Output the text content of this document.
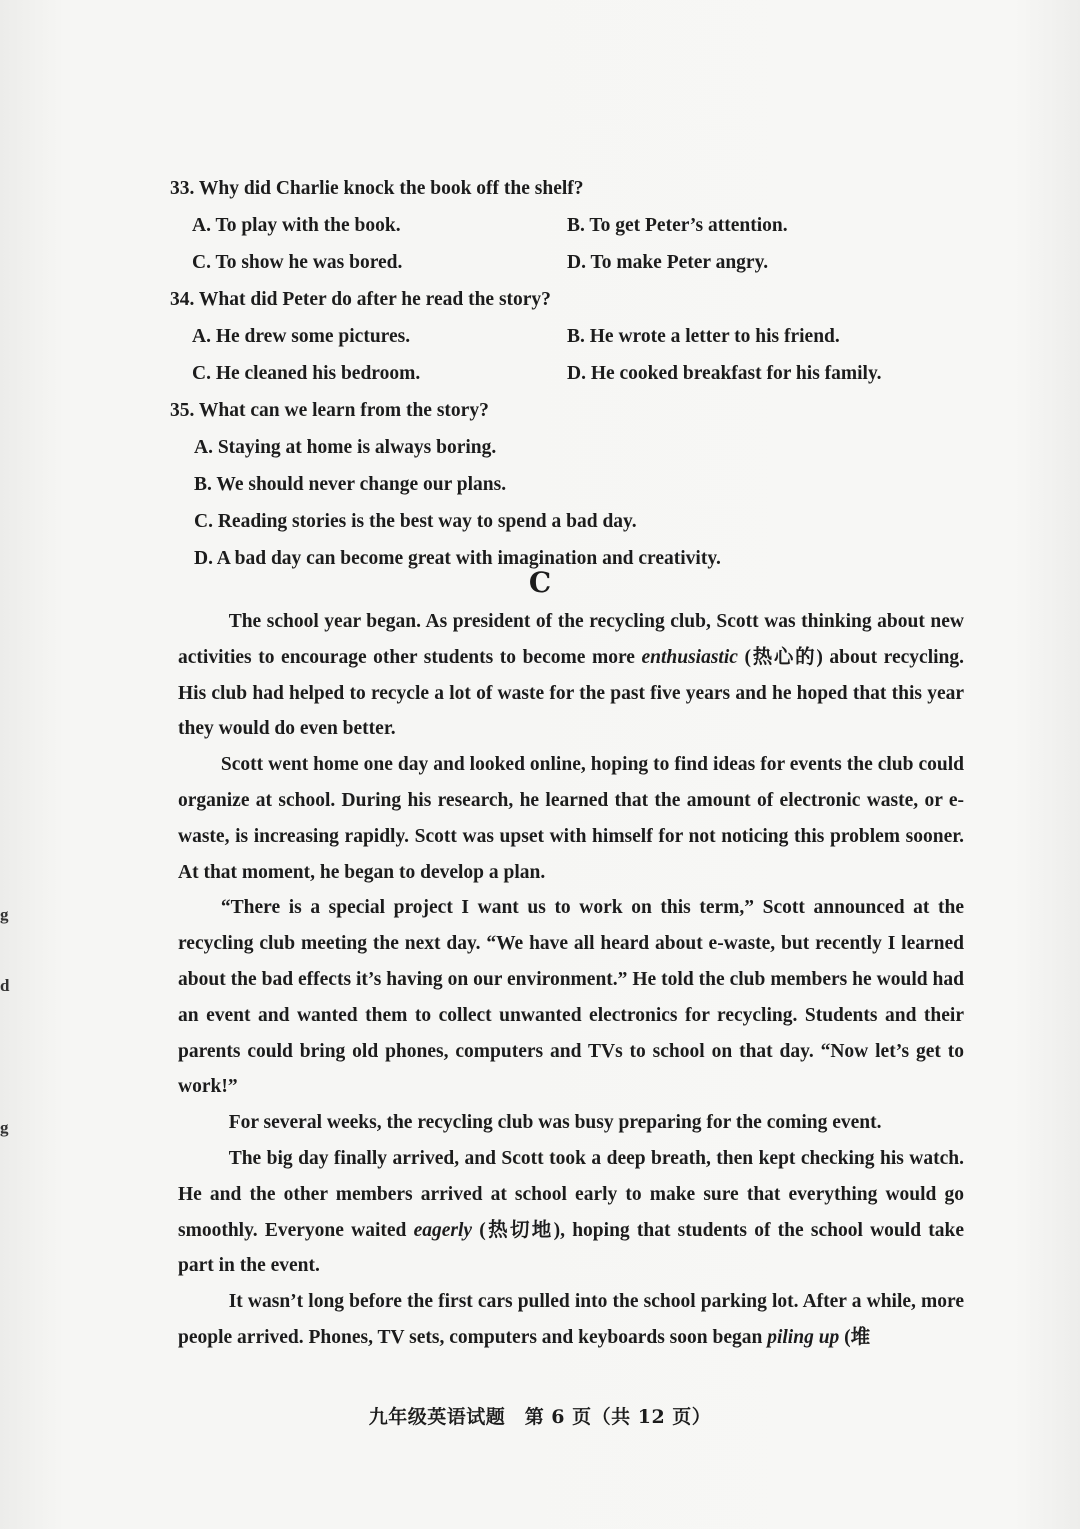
g
d
g

33. Why did Charlie knock the book off the shelf?

A. To play with the book.	B. To get Peter’s attention.
C. To show he was bored.	D. To make Peter angry.

34. What did Peter do after he read the story?

A. He drew some pictures.	B. He wrote a letter to his friend.
C. He cleaned his bedroom.	D. He cooked breakfast for his family.

35. What can we learn from the story?

A. Staying at home is always boring.
B. We should never change our plans.
C. Reading stories is the best way to spend a bad day.
D. A bad day can become great with imagination and creativity.
C

The school year began. As president of the recycling club, Scott was thinking about new activities to encourage other students to become more enthusiastic (热心的) about recycling. His club had helped to recycle a lot of waste for the past five years and he hoped that this year they would do even better.

Scott went home one day and looked online, hoping to find ideas for events the club could organize at school. During his research, he learned that the amount of electronic waste, or e-waste, is increasing rapidly. Scott was upset with himself for not noticing this problem sooner. At that moment, he began to develop a plan.

“There is a special project I want us to work on this term,” Scott announced at the recycling club meeting the next day. “We have all heard about e-waste, but recently I learned about the bad effects it’s having on our environment.” He told the club members he would had an event and wanted them to collect unwanted electronics for recycling. Students and their parents could bring old phones, computers and TVs to school on that day. “Now let’s get to work!”

For several weeks, the recycling club was busy preparing for the coming event.

The big day finally arrived, and Scott took a deep breath, then kept checking his watch. He and the other members arrived at school early to make sure that everything would go smoothly. Everyone waited eagerly (热切地), hoping that students of the school would take part in the event.

It wasn’t long before the first cars pulled into the school parking lot. After a while, more people arrived. Phones, TV sets, computers and keyboards soon began piling up (堆

九年级英语试题　第 6 页（共 12 页）
